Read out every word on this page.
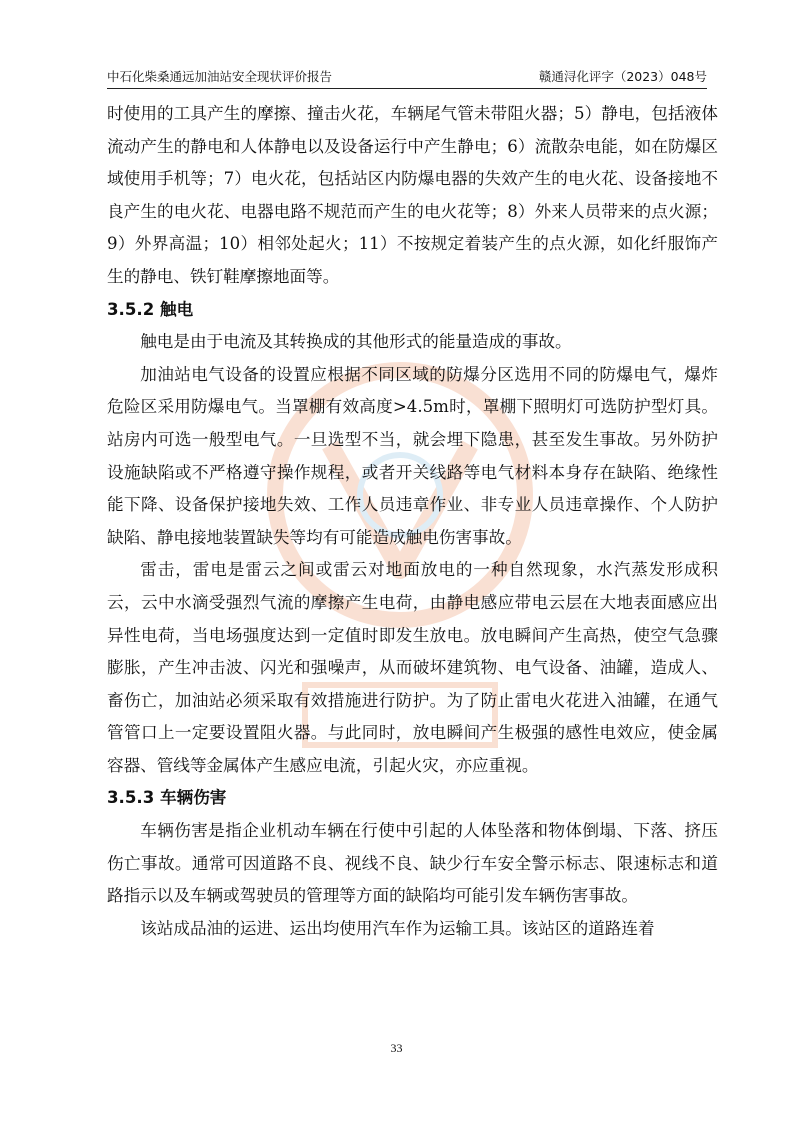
中石化柴桑通远加油站安全现状评价报告	赣通浔化评字（2023）048号

时使用的工具产生的摩擦、撞击火花，车辆尾气管未带阻火器；5）静电，包括液体流动产生的静电和人体静电以及设备运行中产生静电；6）流散杂电能，如在防爆区域使用手机等；7）电火花，包括站区内防爆电器的失效产生的电火花、设备接地不良产生的电火花、电器电路不规范而产生的电火花等；8）外来人员带来的点火源；9）外界高温；10）相邻处起火；11）不按规定着装产生的点火源，如化纤服饰产生的静电、铁钉鞋摩擦地面等。

3.5.2 触电

触电是由于电流及其转换成的其他形式的能量造成的事故。

加油站电气设备的设置应根据不同区域的防爆分区选用不同的防爆电气，爆炸危险区采用防爆电气。当罩棚有效高度>4.5m时，罩棚下照明灯可选防护型灯具。站房内可选一般型电气。一旦选型不当，就会埋下隐患，甚至发生事故。另外防护设施缺陷或不严格遵守操作规程，或者开关线路等电气材料本身存在缺陷、绝缘性能下降、设备保护接地失效、工作人员违章作业、非专业人员违章操作、个人防护缺陷、静电接地装置缺失等均有可能造成触电伤害事故。

雷击，雷电是雷云之间或雷云对地面放电的一种自然现象，水汽蒸发形成积云，云中水滴受强烈气流的摩擦产生电荷，由静电感应带电云层在大地表面感应出异性电荷，当电场强度达到一定值时即发生放电。放电瞬间产生高热，使空气急骤膨胀，产生冲击波、闪光和强噪声，从而破坏建筑物、电气设备、油罐，造成人、畜伤亡，加油站必须采取有效措施进行防护。为了防止雷电火花进入油罐，在通气管管口上一定要设置阻火器。与此同时，放电瞬间产生极强的感性电效应，使金属容器、管线等金属体产生感应电流，引起火灾，亦应重视。

3.5.3 车辆伤害

车辆伤害是指企业机动车辆在行使中引起的人体坠落和物体倒塌、下落、挤压伤亡事故。通常可因道路不良、视线不良、缺少行车安全警示标志、限速标志和道路指示以及车辆或驾驶员的管理等方面的缺陷均可能引发车辆伤害事故。

该站成品油的运进、运出均使用汽车作为运输工具。该站区的道路连着

33
